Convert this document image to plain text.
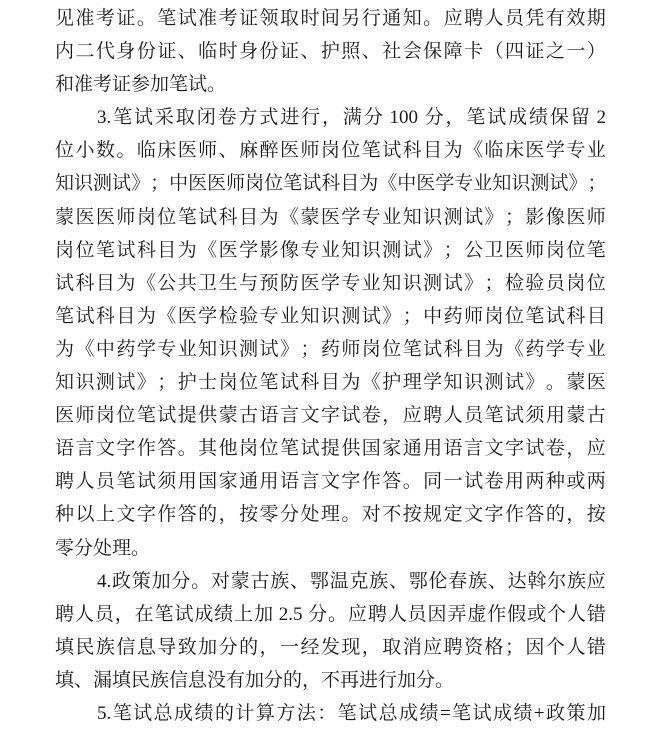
见 准 考 证 。 笔 试 准 考 证 领 取 时 间 另 行 通 知 。 应 聘 人 员 凭 有 效 期
内 二 代 身 份 证 、 临 时 身 份 证 、 护 照 、 社 会 保 障 卡 （ 四 证 之 一 ）
和准考证参加笔试。
3. 笔 试 采 取 闭 卷 方 式 进 行 ， 满 分 100 分 ， 笔 试 成 绩 保 留 2
位 小 数 。 临 床 医 师 、 麻 醉 医 师 岗 位 笔 试 科 目 为 《 临 床 医 学 专 业
知 识 测 试 》 ； 中 医 医 师 岗 位 笔 试 科 目 为 《 中 医 学 专 业 知 识 测 试 》 ；
蒙 医 医 师 岗 位 笔 试 科 目 为 《 蒙 医 学 专 业 知 识 测 试 》 ； 影 像 医 师
岗 位 笔 试 科 目 为 《 医 学 影 像 专 业 知 识 测 试 》 ； 公 卫 医 师 岗 位 笔
试 科 目 为 《 公 共 卫 生 与 预 防 医 学 专 业 知 识 测 试 》 ； 检 验 员 岗 位
笔 试 科 目 为 《 医 学 检 验 专 业 知 识 测 试 》 ； 中 药 师 岗 位 笔 试 科 目
为 《 中 药 学 专 业 知 识 测 试 》 ； 药 师 岗 位 笔 试 科 目 为 《 药 学 专 业
知 识 测 试 》 ； 护 士 岗 位 笔 试 科 目 为 《 护 理 学 知 识 测 试 》 。 蒙 医
医 师 岗 位 笔 试 提 供 蒙 古 语 言 文 字 试 卷 ， 应 聘 人 员 笔 试 须 用 蒙 古
语 言 文 字 作 答 。 其 他 岗 位 笔 试 提 供 国 家 通 用 语 言 文 字 试 卷 ， 应
聘 人 员 笔 试 须 用 国 家 通 用 语 言 文 字 作 答 。 同 一 试 卷 用 两 种 或 两
种 以 上 文 字 作 答 的 ， 按 零 分 处 理 。 对 不 按 规 定 文 字 作 答 的 ， 按
零分处理。
4. 政 策 加 分 。 对 蒙 古 族 、 鄂 温 克 族 、 鄂 伦 春 族 、 达 斡 尔 族 应
聘 人 员 ， 在 笔 试 成 绩 上 加 2.5 分 。 应 聘 人 员 因 弄 虚 作 假 或 个 人 错
填 民 族 信 息 导 致 加 分 的 ， 一 经 发 现 ， 取 消 应 聘 资 格 ； 因 个 人 错
填、漏填民族信息没有加分的，不再进行加分。
5. 笔 试 总 成 绩 的 计 算 方 法 ： 笔 试 总 成 绩 = 笔 试 成 绩 + 政 策 加
